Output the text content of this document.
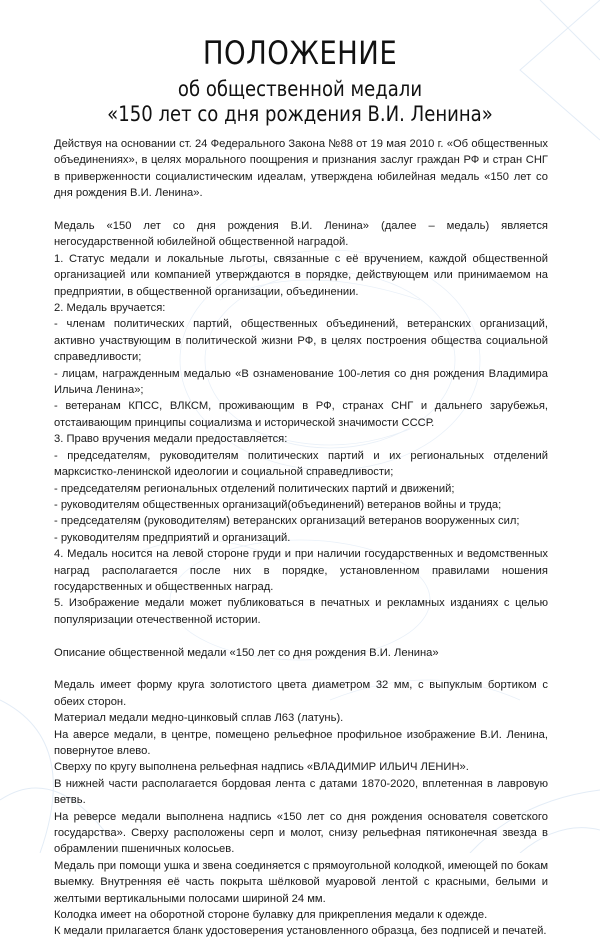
ПОЛОЖЕНИЕ
об общественной медали
«150 лет со дня рождения В.И. Ленина»

Действуя на основании ст. 24 Федерального Закона №88 от 19 мая 2010 г. «Об общественных объединениях», в целях морального поощрения и признания заслуг граждан РФ и стран СНГ в приверженности социалистическим идеалам, утверждена юбилейная медаль «150 лет со дня рождения В.И. Ленина».

Медаль «150 лет со дня рождения В.И. Ленина» (далее – медаль) является негосударственной юбилейной общественной наградой.

1. Статус медали и локальные льготы, связанные с её вручением, каждой общественной организацией или компанией утверждаются в порядке, действующем или принимаемом на предприятии, в общественной организации, объединении.

2. Медаль вручается:

- членам политических партий, общественных объединений, ветеранских организаций, активно участвующим в политической жизни РФ, в целях построения общества социальной справедливости;

- лицам, награжденным медалью «В ознаменование 100-летия со дня рождения Владимира Ильича Ленина»;

- ветеранам КПСС, ВЛКСМ, проживающим в РФ, странах СНГ и дальнего зарубежья, отстаивающим принципы социализма и исторической значимости СССР.

3. Право вручения медали предоставляется:

- председателям, руководителям политических партий и их региональных отделений марксистко-ленинской идеологии и социальной справедливости;

- председателям региональных отделений политических партий и движений;

- руководителям общественных организаций(объединений) ветеранов войны и труда;

- председателям (руководителям) ветеранских организаций ветеранов вооруженных сил;

- руководителям предприятий и организаций.

4. Медаль носится на левой стороне груди и при наличии государственных и ведомственных наград располагается после них в порядке, установленном правилами ношения государственных и общественных наград.

5. Изображение медали может публиковаться в печатных и рекламных изданиях с целью популяризации отечественной истории.

Описание общественной медали «150 лет со дня рождения В.И. Ленина»

Медаль имеет форму круга золотистого цвета диаметром 32 мм, с выпуклым бортиком с обеих сторон.

Материал медали медно-цинковый сплав Л63 (латунь).

На аверсе медали, в центре, помещено рельефное профильное изображение В.И. Ленина, повернутое влево.

Сверху по кругу выполнена рельефная надпись «ВЛАДИМИР ИЛЬИЧ ЛЕНИН».

В нижней части располагается бордовая лента с датами 1870-2020, вплетенная в лавровую ветвь.

На реверсе медали выполнена надпись «150 лет со дня рождения основателя советского государства». Сверху расположены серп и молот, снизу рельефная пятиконечная звезда в обрамлении пшеничных колосьев.

Медаль при помощи ушка и звена соединяется с прямоугольной колодкой, имеющей по бокам выемку. Внутренняя её часть покрыта шёлковой муаровой лентой с красными, белыми и желтыми вертикальными полосами шириной 24 мм.

Колодка имеет на оборотной стороне булавку для прикрепления медали к одежде.

К медали прилагается бланк удостоверения установленного образца, без подписей и печатей.
